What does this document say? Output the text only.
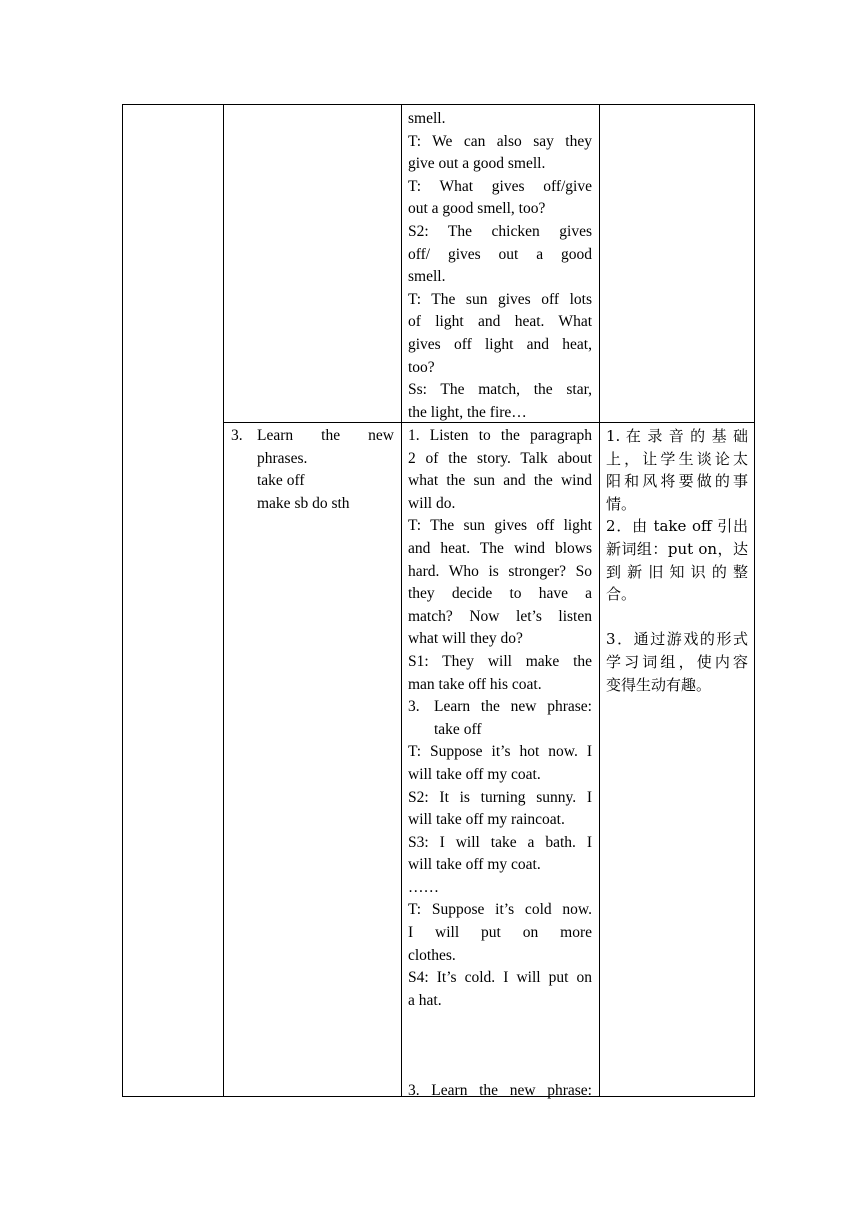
smell.
T: We can also say they
give out a good smell.
T: What gives off/give
out a good smell, too?
S2: The chicken gives
off/ gives out a good
smell.
T: The sun gives off lots
of light and heat. What
gives off light and heat,
too?
Ss: The match, the star,
the light, the fire…
3. Learn the new
phrases.
take off
make sb do sth
1. Listen to the paragraph
2 of the story. Talk about
what the sun and the wind
will do.
T: The sun gives off light
and heat. The wind blows
hard. Who is stronger? So
they decide to have a
match? Now let’s listen
what will they do?
S1: They will make the
man take off his coat.
3. Learn the new phrase:
take off
T: Suppose it’s hot now. I
will take off my coat.
S2: It is turning sunny. I
will take off my raincoat.
S3: I will take a bath. I
will take off my coat.
……
T: Suppose it’s cold now.
I will put on more
clothes.
S4: It’s cold. I will put on
a hat.
3. Learn the new phrase:
1. 在 录 音 的 基 础
上，让学生谈论太
阳和风将要做的事
情。
2．由 take off 引出
新词组：put on，达
到 新 旧 知 识 的 整
合。
3．通过游戏的形式
学习词组，使内容
变得生动有趣。
